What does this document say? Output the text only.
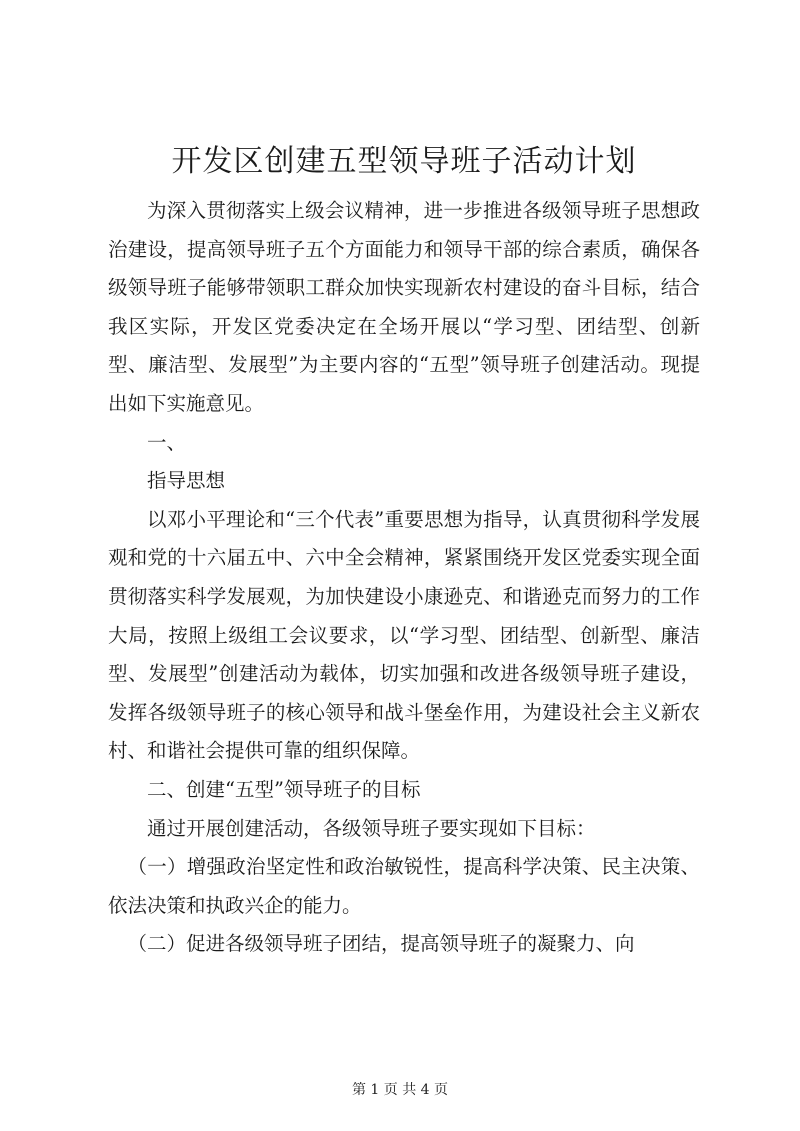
开发区创建五型领导班子活动计划

为深入贯彻落实上级会议精神，进一步推进各级领导班子思想政治建设，提高领导班子五个方面能力和领导干部的综合素质，确保各级领导班子能够带领职工群众加快实现新农村建设的奋斗目标，结合我区实际，开发区党委决定在全场开展以“学习型、团结型、创新型、廉洁型、发展型”为主要内容的“五型”领导班子创建活动。现提出如下实施意见。

一、

指导思想

以邓小平理论和“三个代表”重要思想为指导，认真贯彻科学发展观和党的十六届五中、六中全会精神，紧紧围绕开发区党委实现全面贯彻落实科学发展观，为加快建设小康逊克、和谐逊克而努力的工作大局，按照上级组工会议要求，以“学习型、团结型、创新型、廉洁型、发展型”创建活动为载体，切实加强和改进各级领导班子建设，发挥各级领导班子的核心领导和战斗堡垒作用，为建设社会主义新农村、和谐社会提供可靠的组织保障。

二、创建“五型”领导班子的目标

通过开展创建活动，各级领导班子要实现如下目标：

（一）增强政治坚定性和政治敏锐性，提高科学决策、民主决策、依法决策和执政兴企的能力。

（二）促进各级领导班子团结，提高领导班子的凝聚力、向

第 1 页 共 4 页
